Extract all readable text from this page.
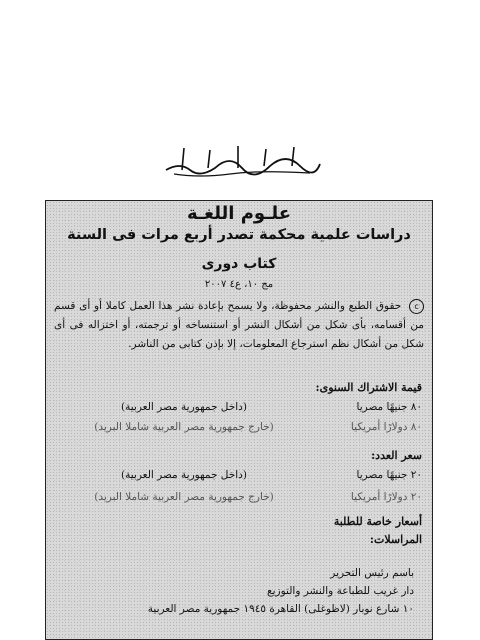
علـوم اللغـة
دراسات علمية محكمة تصدر أربع مرات فى السنة
كتاب دورى
مج ١٠، ع٤ ٢٠٠٧
c حقوق الطبع والنشر محفوظة، ولا يسمح بإعادة نشر هذا العمل كاملا أو أى قسم من أقسامه، بأى شكل من أشكال النشر أو استنساخه أو ترجمته، أو اختزاله فى أى شكل من أشكال نظم استرجاع المعلومات، إلا بإذن كتابى من الناشر.
قيمة الاشتراك السنوى:
٨٠ جنيهًا مصريا
(داخل جمهورية مصر العربية)
٨٠ دولارًا أمريكيا
(خارج جمهورية مصر العربية شاملا البريد)
سعر العدد:
٢٠ جنيهًا مصريا
(داخل جمهورية مصر العربية)
٢٠ دولارًا أمريكيا
(خارج جمهورية مصر العربية شاملا البريد)
أسعار خاصة للطلبة
المراسلات:
باسم رئيس التحرير
دار غريب للطباعة والنشر والتوزيع
١٠ شارع نوبار (لاظوغلى) القاهرة ١٩٤٥ جمهورية مصر العربية
